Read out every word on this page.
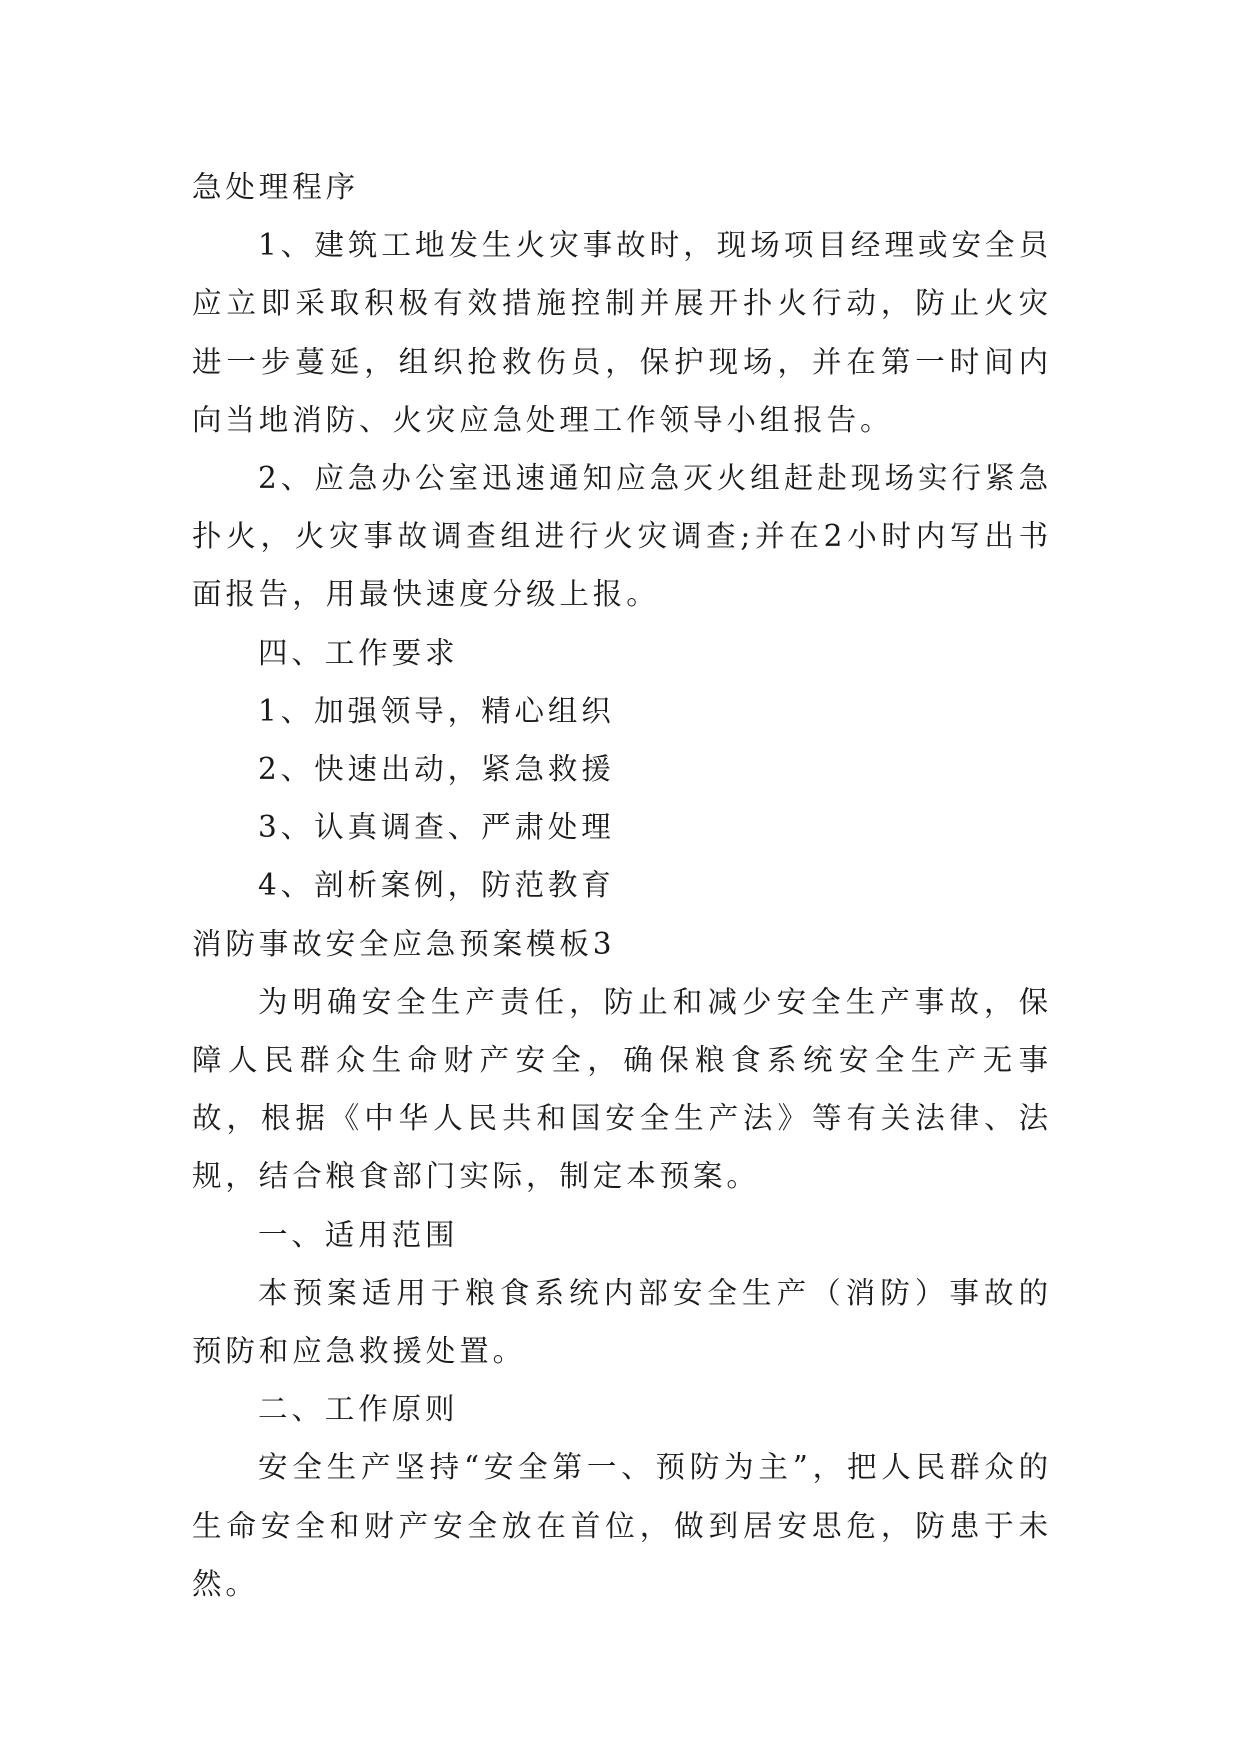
急处理程序

1、建筑工地发生火灾事故时，现场项目经理或安全员应立即采取积极有效措施控制并展开扑火行动，防止火灾进一步蔓延，组织抢救伤员，保护现场，并在第一时间内向当地消防、火灾应急处理工作领导小组报告。

2、应急办公室迅速通知应急灭火组赶赴现场实行紧急扑火，火灾事故调查组进行火灾调查;并在2小时内写出书面报告，用最快速度分级上报。

四、工作要求

1、加强领导，精心组织

2、快速出动，紧急救援

3、认真调查、严肃处理

4、剖析案例，防范教育

消防事故安全应急预案模板3

为明确安全生产责任，防止和减少安全生产事故，保障人民群众生命财产安全，确保粮食系统安全生产无事故，根据《中华人民共和国安全生产法》等有关法律、法规，结合粮食部门实际，制定本预案。

一、适用范围

本预案适用于粮食系统内部安全生产（消防）事故的预防和应急救援处置。

二、工作原则

安全生产坚持“安全第一、预防为主”，把人民群众的生命安全和财产安全放在首位，做到居安思危，防患于未然。
